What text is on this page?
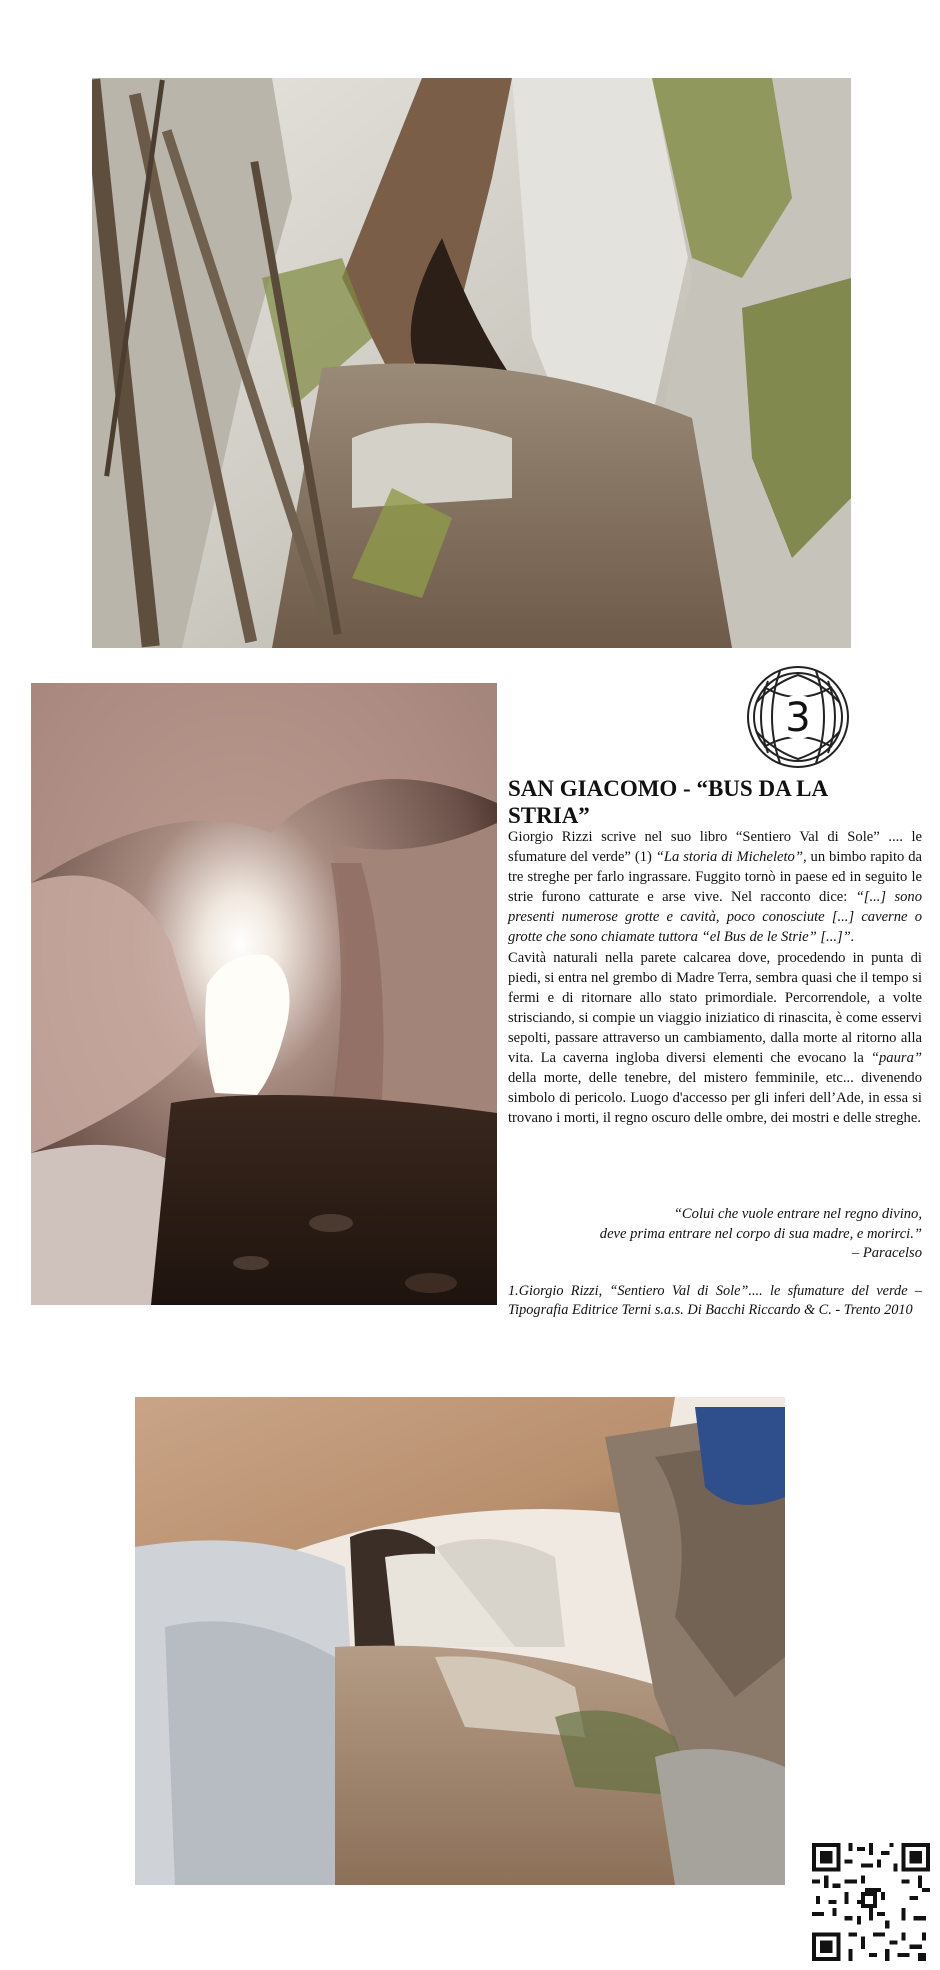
3
SAN GIACOMO - “BUS DA LA STRIA”

Giorgio Rizzi scrive nel suo libro “Sentiero Val di Sole” .... le sfumature del verde” (1) “La storia di Micheleto”, un bimbo rapito da tre streghe per farlo ingrassare. Fuggito tornò in paese ed in seguito le strie furono catturate e arse vive. Nel racconto dice: “[...] sono presenti numerose grotte e cavità, poco conosciute [...] caverne o grotte che sono chiamate tuttora “el Bus de le Strie” [...]”.

Cavità naturali nella parete calcarea dove, procedendo in punta di piedi, si entra nel grembo di Madre Terra, sembra quasi che il tempo si fermi e di ritornare allo stato primordiale. Percorrendole, a volte strisciando, si compie un viaggio iniziatico di rinascita, è come esservi sepolti, passare attraverso un cambiamento, dalla morte al ritorno alla vita. La caverna ingloba diversi elementi che evocano la “paura” della morte, delle tenebre, del mistero femminile, etc... divenendo simbolo di pericolo. Luogo d'accesso per gli inferi dell’Ade, in essa si trovano i morti, il regno oscuro delle ombre, dei mostri e delle streghe.

“Colui che vuole entrare nel regno divino,
deve prima entrare nel corpo di sua madre, e morirci.”
– Paracelso
1.Giorgio Rizzi, “Sentiero Val di Sole”.... le sfumature del verde – Tipografia Editrice Terni s.a.s. Di Bacchi Riccardo & C. - Trento 2010
